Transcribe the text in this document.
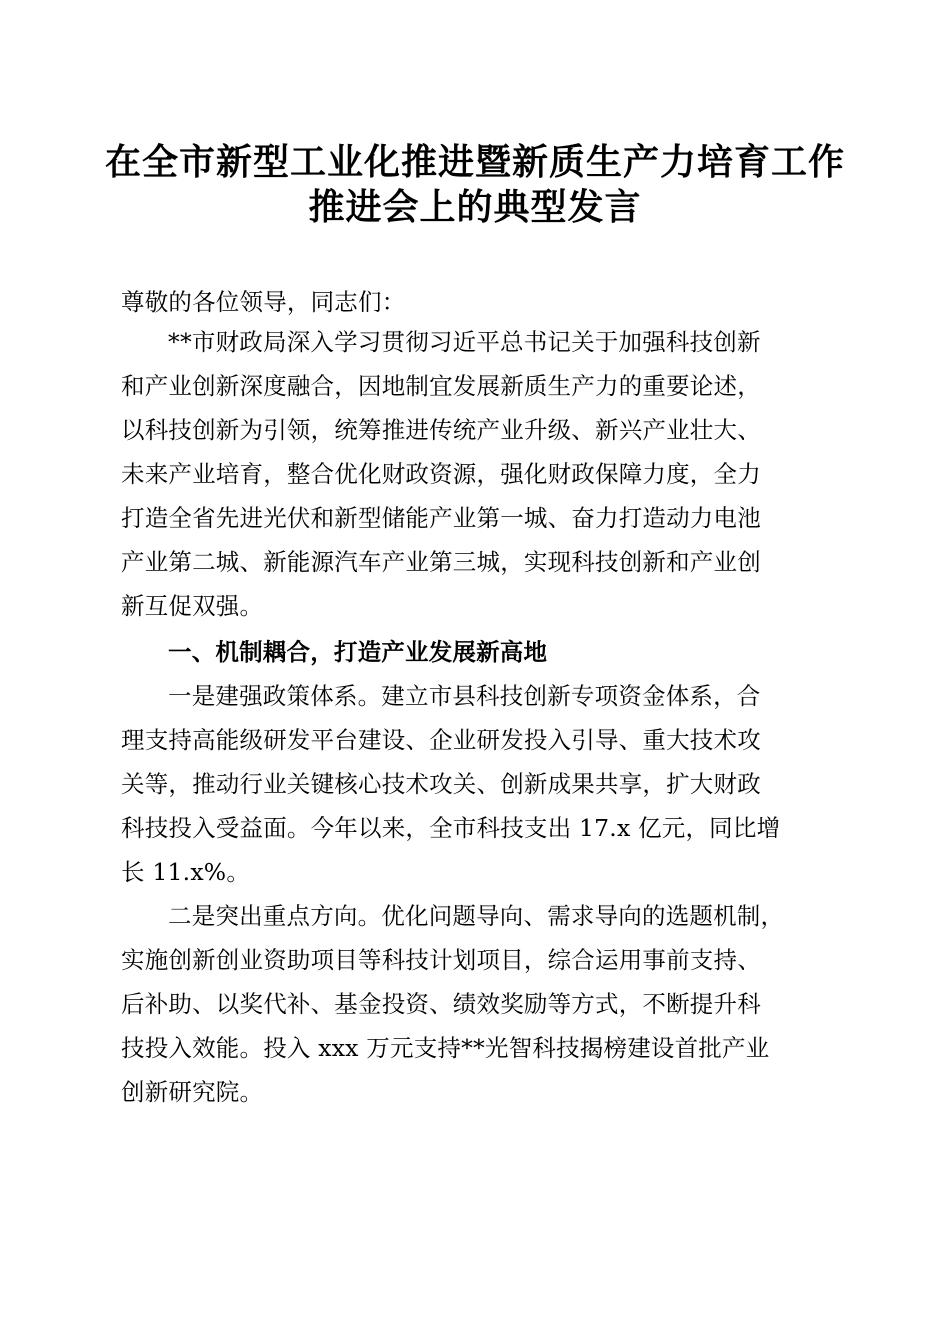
在全市新型工业化推进暨新质生产力培育工作
推进会上的典型发言
尊敬的各位领导，同志们：
**市财政局深入学习贯彻习近平总书记关于加强科技创新
和产业创新深度融合，因地制宜发展新质生产力的重要论述，
以科技创新为引领，统筹推进传统产业升级、新兴产业壮大、
未来产业培育，整合优化财政资源，强化财政保障力度，全力
打造全省先进光伏和新型储能产业第一城、奋力打造动力电池
产业第二城、新能源汽车产业第三城，实现科技创新和产业创
新互促双强。
一、机制耦合，打造产业发展新高地
一是建强政策体系。建立市县科技创新专项资金体系，合
理支持高能级研发平台建设、企业研发投入引导、重大技术攻
关等，推动行业关键核心技术攻关、创新成果共享，扩大财政
科技投入受益面。今年以来，全市科技支出 17.x 亿元，同比增
长 11.x%。
二是突出重点方向。优化问题导向、需求导向的选题机制，
实施创新创业资助项目等科技计划项目，综合运用事前支持、
后补助、以奖代补、基金投资、绩效奖励等方式，不断提升科
技投入效能。投入 xxx 万元支持**光智科技揭榜建设首批产业
创新研究院。
